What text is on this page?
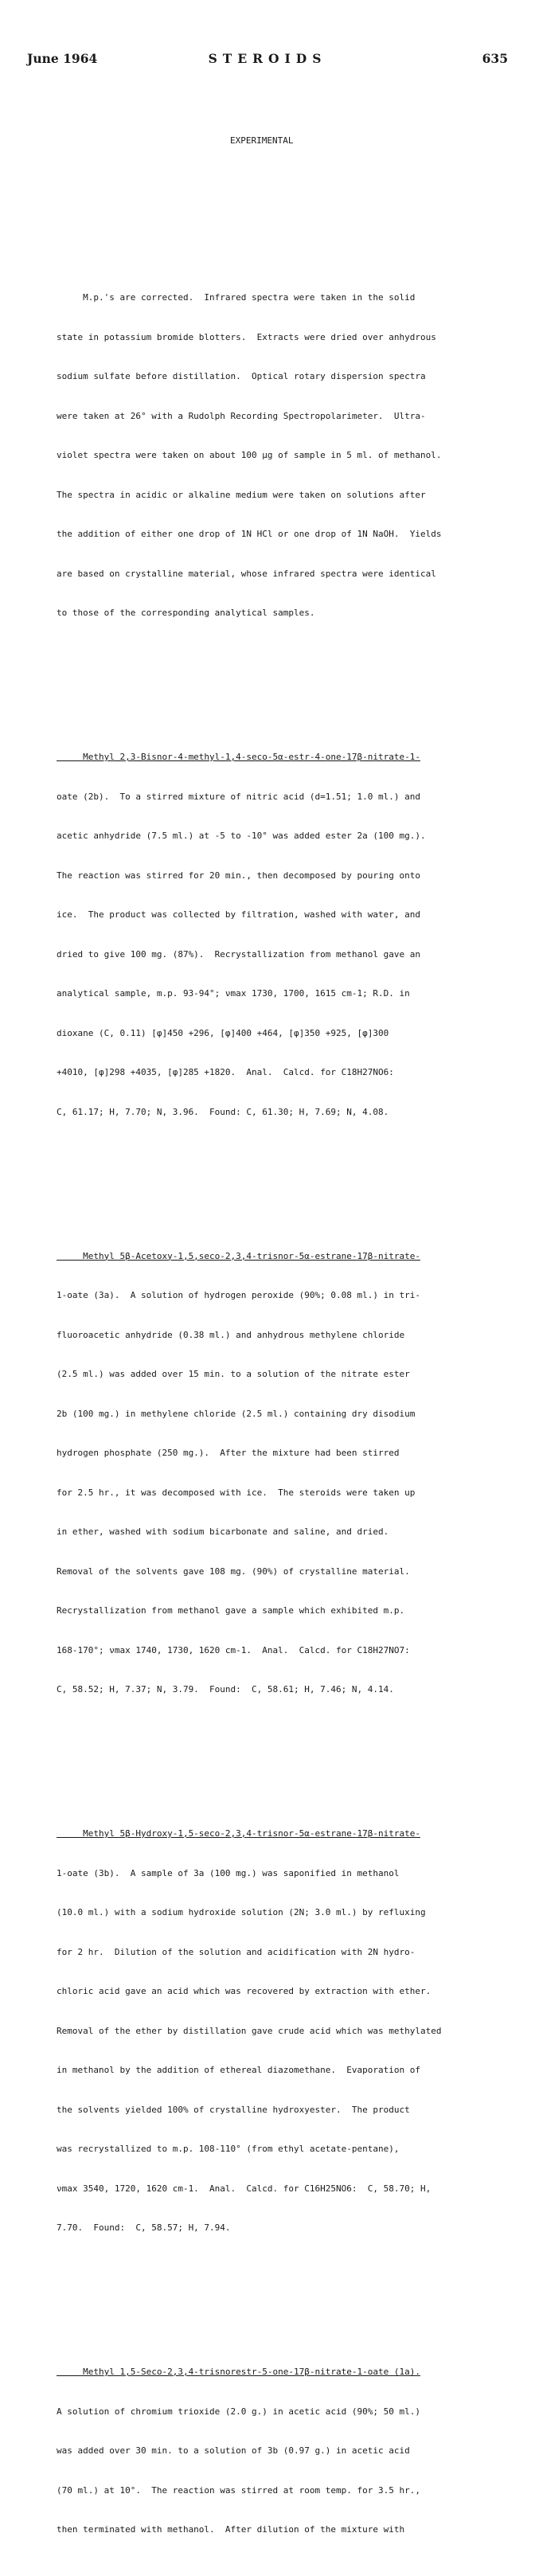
June 1964	STEROIDS	635

EXPERIMENTAL

M.p.'s are corrected.  Infrared spectra were taken in the solid

state in potassium bromide blotters.  Extracts were dried over anhydrous

sodium sulfate before distillation.  Optical rotary dispersion spectra

were taken at 26° with a Rudolph Recording Spectropolarimeter.  Ultra-

violet spectra were taken on about 100 μg of sample in 5 ml. of methanol.

The spectra in acidic or alkaline medium were taken on solutions after

the addition of either one drop of 1N HCl or one drop of 1N NaOH.  Yields

are based on crystalline material, whose infrared spectra were identical

to those of the corresponding analytical samples.

Methyl 2,3-Bisnor-4-methyl-1,4-seco-5α-estr-4-one-17β-nitrate-1-

oate (2b).  To a stirred mixture of nitric acid (d=1.51; 1.0 ml.) and

acetic anhydride (7.5 ml.) at -5 to -10° was added ester 2a (100 mg.).

The reaction was stirred for 20 min., then decomposed by pouring onto

ice.  The product was collected by filtration, washed with water, and

dried to give 100 mg. (87%).  Recrystallization from methanol gave an

analytical sample, m.p. 93-94°; νmax 1730, 1700, 1615 cm-1; R.D. in

dioxane (C, 0.11) [φ]450 +296, [φ]400 +464, [φ]350 +925, [φ]300

+4010, [φ]298 +4035, [φ]285 +1820.  Anal.  Calcd. for C18H27NO6:

C, 61.17; H, 7.70; N, 3.96.  Found: C, 61.30; H, 7.69; N, 4.08.

Methyl 5β-Acetoxy-1,5,seco-2,3,4-trisnor-5α-estrane-17β-nitrate-

1-oate (3a).  A solution of hydrogen peroxide (90%; 0.08 ml.) in tri-

fluoroacetic anhydride (0.38 ml.) and anhydrous methylene chloride

(2.5 ml.) was added over 15 min. to a solution of the nitrate ester

2b (100 mg.) in methylene chloride (2.5 ml.) containing dry disodium

hydrogen phosphate (250 mg.).  After the mixture had been stirred

for 2.5 hr., it was decomposed with ice.  The steroids were taken up

in ether, washed with sodium bicarbonate and saline, and dried.

Removal of the solvents gave 108 mg. (90%) of crystalline material.

Recrystallization from methanol gave a sample which exhibited m.p.

168-170°; νmax 1740, 1730, 1620 cm-1.  Anal.  Calcd. for C18H27NO7:

C, 58.52; H, 7.37; N, 3.79.  Found:  C, 58.61; H, 7.46; N, 4.14.

Methyl 5β-Hydroxy-1,5-seco-2,3,4-trisnor-5α-estrane-17β-nitrate-

1-oate (3b).  A sample of 3a (100 mg.) was saponified in methanol

(10.0 ml.) with a sodium hydroxide solution (2N; 3.0 ml.) by refluxing

for 2 hr.  Dilution of the solution and acidification with 2N hydro-

chloric acid gave an acid which was recovered by extraction with ether.

Removal of the ether by distillation gave crude acid which was methylated

in methanol by the addition of ethereal diazomethane.  Evaporation of

the solvents yielded 100% of crystalline hydroxyester.  The product

was recrystallized to m.p. 108-110° (from ethyl acetate-pentane),

νmax 3540, 1720, 1620 cm-1.  Anal.  Calcd. for C16H25NO6:  C, 58.70; H,

7.70.  Found:  C, 58.57; H, 7.94.

Methyl 1,5-Seco-2,3,4-trisnorestr-5-one-17β-nitrate-1-oate (1a).

A solution of chromium trioxide (2.0 g.) in acetic acid (90%; 50 ml.)

was added over 30 min. to a solution of 3b (0.97 g.) in acetic acid

(70 ml.) at 10°.  The reaction was stirred at room temp. for 3.5 hr.,

then terminated with methanol.  After dilution of the mixture with
